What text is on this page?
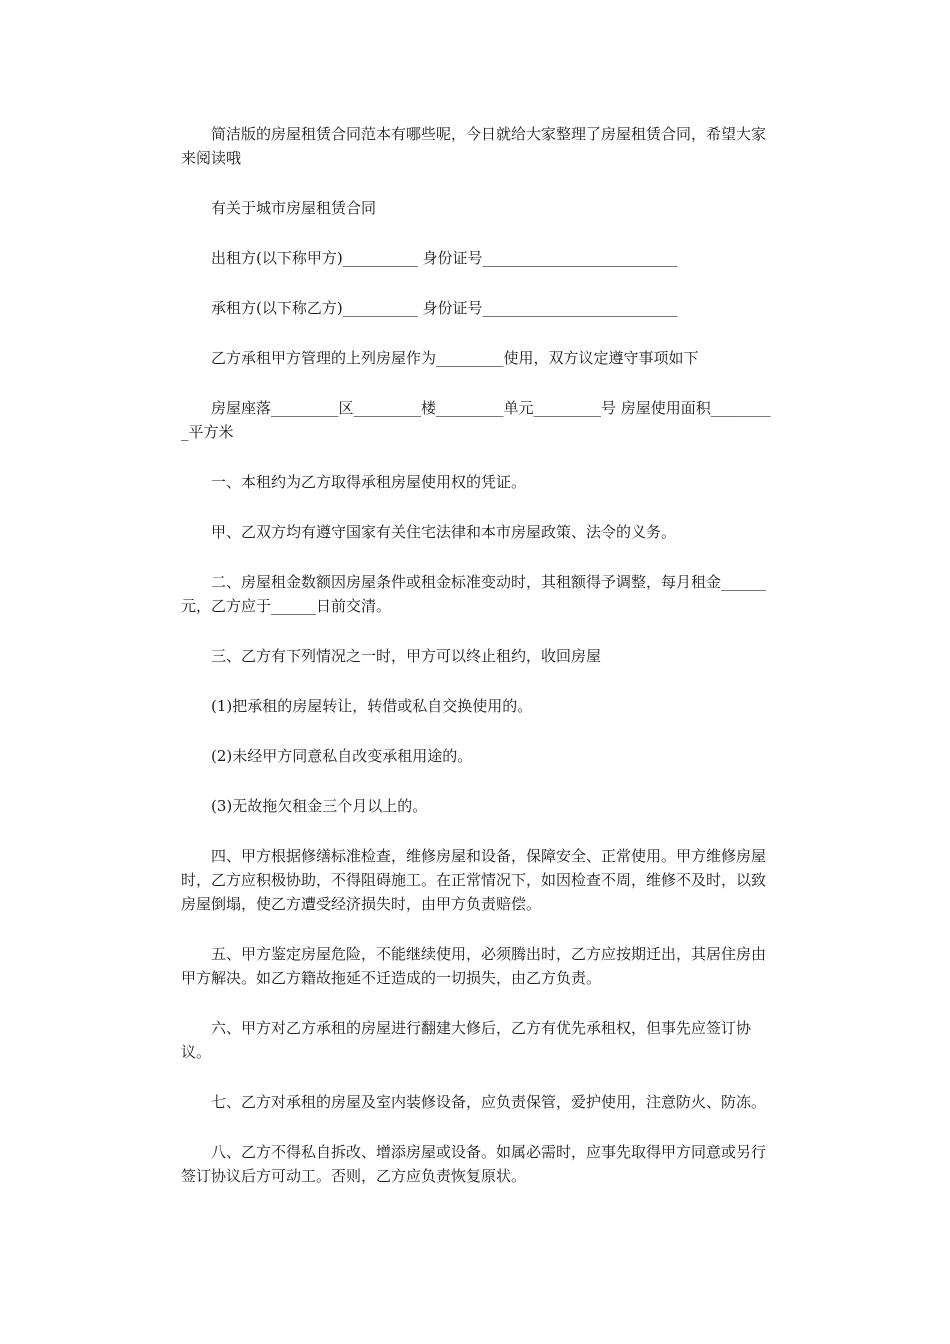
简洁版的房屋租赁合同范本有哪些呢，今日就给大家整理了房屋租赁合同，希望大家来阅读哦

有关于城市房屋租赁合同

出租方(以下称甲方)__________ 身份证号__________________________

承租方(以下称乙方)__________ 身份证号__________________________

乙方承租甲方管理的上列房屋作为_________使用，双方议定遵守事项如下

房屋座落_________区_________楼_________单元_________号 房屋使用面积_________平方米

一、本租约为乙方取得承租房屋使用权的凭证。

甲、乙双方均有遵守国家有关住宅法律和本市房屋政策、法令的义务。

二、房屋租金数额因房屋条件或租金标准变动时，其租额得予调整，每月租金______元，乙方应于______日前交清。

三、乙方有下列情况之一时，甲方可以终止租约，收回房屋

(1)把承租的房屋转让，转借或私自交换使用的。

(2)未经甲方同意私自改变承租用途的。

(3)无故拖欠租金三个月以上的。

四、甲方根据修缮标准检查，维修房屋和设备，保障安全、正常使用。甲方维修房屋时，乙方应积极协助，不得阻碍施工。在正常情况下，如因检查不周，维修不及时，以致房屋倒塌，使乙方遭受经济损失时，由甲方负责赔偿。

五、甲方鉴定房屋危险，不能继续使用，必须腾出时，乙方应按期迁出，其居住房由甲方解决。如乙方籍故拖延不迁造成的一切损失，由乙方负责。

六、甲方对乙方承租的房屋进行翻建大修后，乙方有优先承租权，但事先应签订协议。

七、乙方对承租的房屋及室内装修设备，应负责保管，爱护使用，注意防火、防冻。

八、乙方不得私自拆改、增添房屋或设备。如属必需时，应事先取得甲方同意或另行签订协议后方可动工。否则，乙方应负责恢复原状。
